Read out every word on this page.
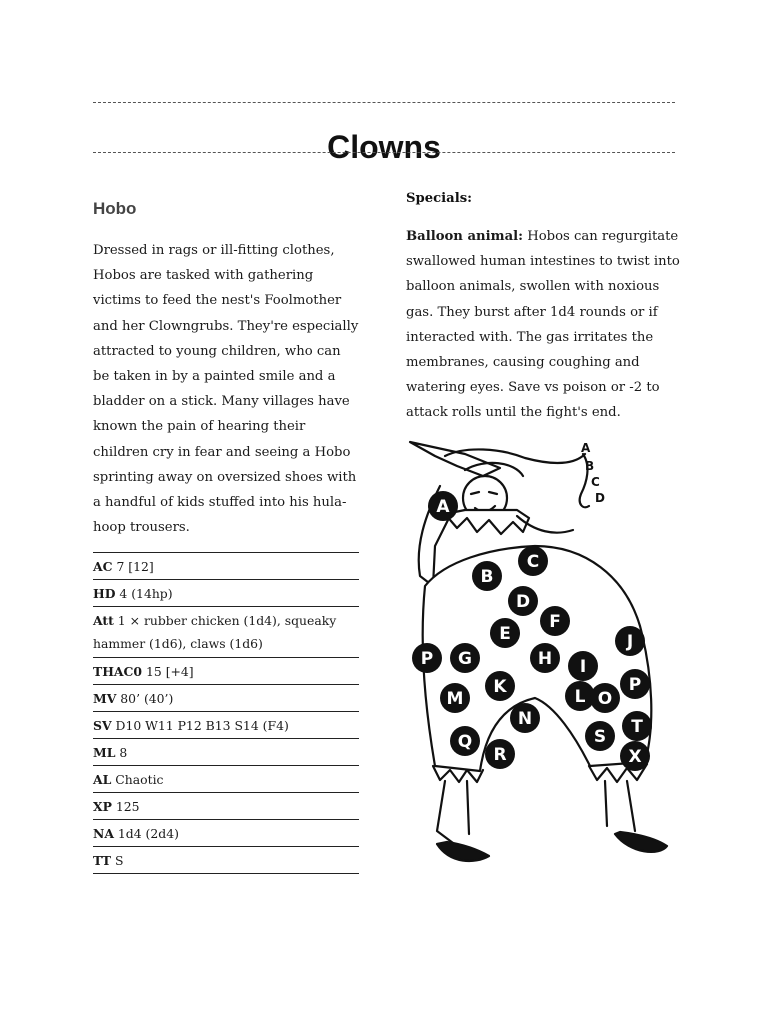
Clowns
Hobo

Dressed in rags or ill-fitting clothes, Hobos are tasked with gathering victims to feed the nest's Foolmother and her Clowngrubs. They're especially attracted to young children, who can be taken in by a painted smile and a bladder on a stick. Many villages have known the pain of hearing their children cry in fear and seeing a Hobo sprinting away on oversized shoes with a handful of kids stuffed into his hula-hoop trousers.

AC 7 [12]
HD 4 (14hp)
Att 1 × rubber chicken (1d4), squeaky hammer (1d6), claws (1d6)
THAC0 15 [+4]
MV 80’ (40’)
SV D10 W11 P12 B13 S14 (F4)
ML 8
AL Chaotic
XP 125
NA 1d4 (2d4)
TT S
Specials:

Balloon animal: Hobos can regurgitate swallowed human intestines to twist into balloon animals, swollen with noxious gas. They burst after 1d4 rounds or if interacted with. The gas irritates the membranes, causing coughing and watering eyes. Save vs poison or -2 to attack rolls until the fight's end.

A
B
C
D
A
B
C
D
E
F
G	H I
J
K	L
M
N
O
P
Q
R
S T
X
P
